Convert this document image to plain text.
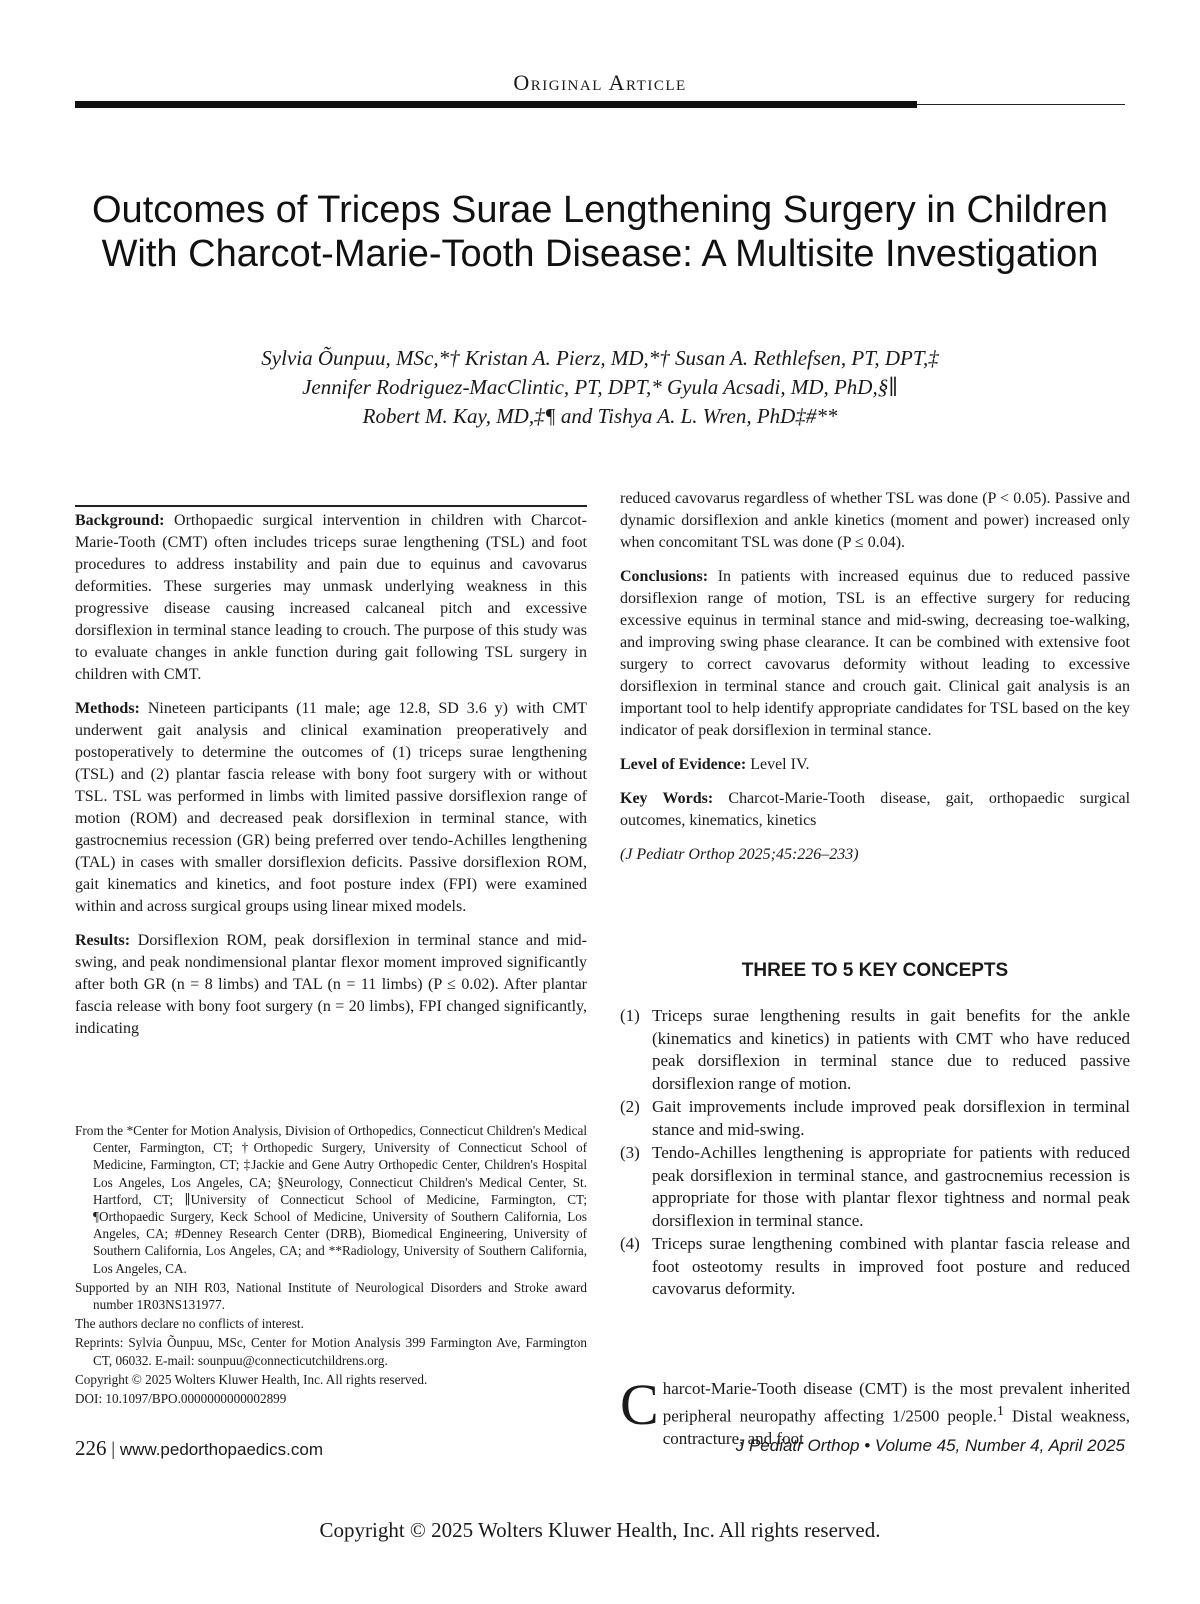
Original Article
Outcomes of Triceps Surae Lengthening Surgery in Children With Charcot-Marie-Tooth Disease: A Multisite Investigation
Sylvia Õunpuu, MSc,*† Kristan A. Pierz, MD,*† Susan A. Rethlefsen, PT, DPT,‡
Jennifer Rodriguez-MacClintic, PT, DPT,* Gyula Acsadi, MD, PhD,§∥
Robert M. Kay, MD,‡¶ and Tishya A. L. Wren, PhD‡#**

Background: Orthopaedic surgical intervention in children with Charcot-Marie-Tooth (CMT) often includes triceps surae lengthening (TSL) and foot procedures to address instability and pain due to equinus and cavovarus deformities. These surgeries may unmask underlying weakness in this progressive disease causing increased calcaneal pitch and excessive dorsiflexion in terminal stance leading to crouch. The purpose of this study was to evaluate changes in ankle function during gait following TSL surgery in children with CMT.

Methods: Nineteen participants (11 male; age 12.8, SD 3.6 y) with CMT underwent gait analysis and clinical examination preoperatively and postoperatively to determine the outcomes of (1) triceps surae lengthening (TSL) and (2) plantar fascia release with bony foot surgery with or without TSL. TSL was performed in limbs with limited passive dorsiflexion range of motion (ROM) and decreased peak dorsiflexion in terminal stance, with gastrocnemius recession (GR) being preferred over tendo-Achilles lengthening (TAL) in cases with smaller dorsiflexion deficits. Passive dorsiflexion ROM, gait kinematics and kinetics, and foot posture index (FPI) were examined within and across surgical groups using linear mixed models.

Results: Dorsiflexion ROM, peak dorsiflexion in terminal stance and mid-swing, and peak nondimensional plantar flexor moment improved significantly after both GR (n = 8 limbs) and TAL (n = 11 limbs) (P ≤ 0.02). After plantar fascia release with bony foot surgery (n = 20 limbs), FPI changed significantly, indicating

From the *Center for Motion Analysis, Division of Orthopedics, Connecticut Children's Medical Center, Farmington, CT; †Orthopedic Surgery, University of Connecticut School of Medicine, Farmington, CT; ‡Jackie and Gene Autry Orthopedic Center, Children's Hospital Los Angeles, Los Angeles, CA; §Neurology, Connecticut Children's Medical Center, St. Hartford, CT; ∥University of Connecticut School of Medicine, Farmington, CT; ¶Orthopaedic Surgery, Keck School of Medicine, University of Southern California, Los Angeles, CA; #Denney Research Center (DRB), Biomedical Engineering, University of Southern California, Los Angeles, CA; and **Radiology, University of Southern California, Los Angeles, CA.

Supported by an NIH R03, National Institute of Neurological Disorders and Stroke award number 1R03NS131977.

The authors declare no conflicts of interest.

Reprints: Sylvia Õunpuu, MSc, Center for Motion Analysis 399 Farmington Ave, Farmington CT, 06032. E-mail: sounpuu@connecticutchildrens.org.

Copyright © 2025 Wolters Kluwer Health, Inc. All rights reserved.

DOI: 10.1097/BPO.0000000000002899

reduced cavovarus regardless of whether TSL was done (P < 0.05). Passive and dynamic dorsiflexion and ankle kinetics (moment and power) increased only when concomitant TSL was done (P ≤ 0.04).

Conclusions: In patients with increased equinus due to reduced passive dorsiflexion range of motion, TSL is an effective surgery for reducing excessive equinus in terminal stance and mid-swing, decreasing toe-walking, and improving swing phase clearance. It can be combined with extensive foot surgery to correct cavovarus deformity without leading to excessive dorsiflexion in terminal stance and crouch gait. Clinical gait analysis is an important tool to help identify appropriate candidates for TSL based on the key indicator of peak dorsiflexion in terminal stance.

Level of Evidence: Level IV.

Key Words: Charcot-Marie-Tooth disease, gait, orthopaedic surgical outcomes, kinematics, kinetics

(J Pediatr Orthop 2025;45:226–233)

THREE TO 5 KEY CONCEPTS
(1) Triceps surae lengthening results in gait benefits for the ankle (kinematics and kinetics) in patients with CMT who have reduced peak dorsiflexion in terminal stance due to reduced passive dorsiflexion range of motion.
(2) Gait improvements include improved peak dorsiflexion in terminal stance and mid-swing.
(3) Tendo-Achilles lengthening is appropriate for patients with reduced peak dorsiflexion in terminal stance, and gastrocnemius recession is appropriate for those with plantar flexor tightness and normal peak dorsiflexion in terminal stance.
(4) Triceps surae lengthening combined with plantar fascia release and foot osteotomy results in improved foot posture and reduced cavovarus deformity.
Charcot-Marie-Tooth disease (CMT) is the most prevalent inherited peripheral neuropathy affecting 1/2500 people.$^1$ Distal weakness, contracture, and foot
226 | www.pedorthopaedics.com	J Pediatr Orthop • Volume 45, Number 4, April 2025
Copyright © 2025 Wolters Kluwer Health, Inc. All rights reserved.
